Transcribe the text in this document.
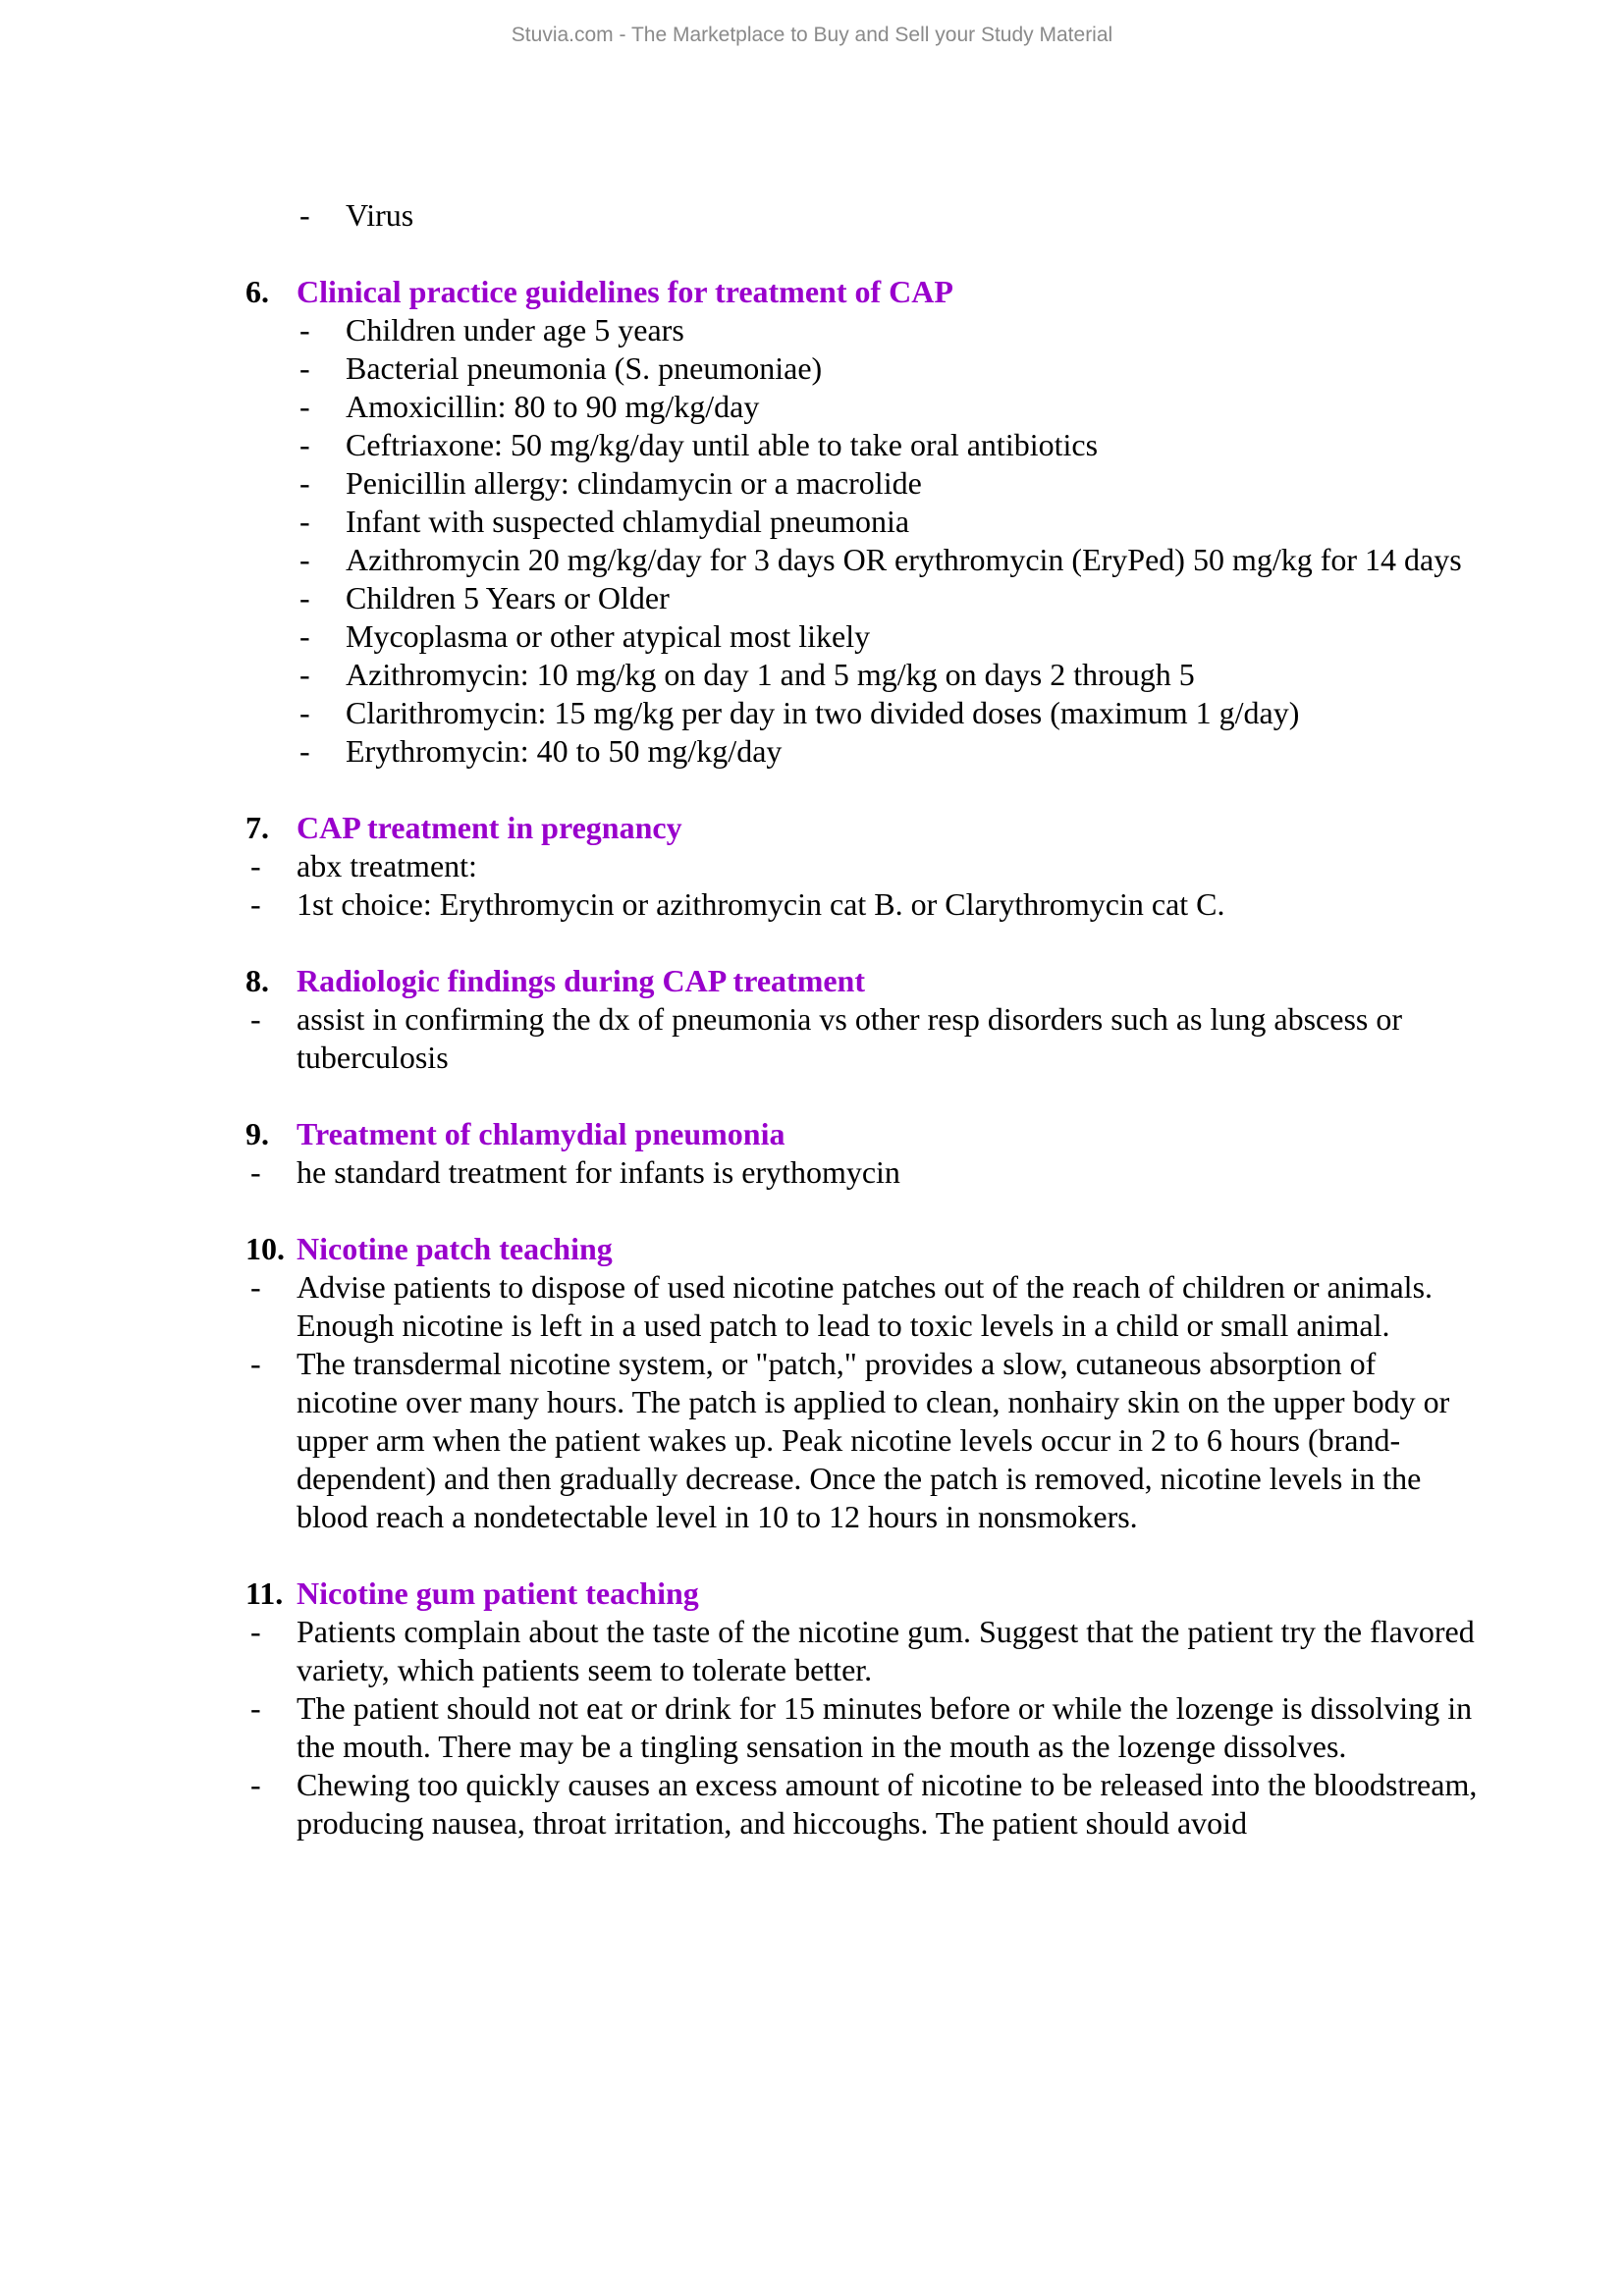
Stuvia.com - The Marketplace to Buy and Sell your Study Material
- Virus
6. Clinical practice guidelines for treatment of CAP
- Children under age 5 years
- Bacterial pneumonia (S. pneumoniae)
- Amoxicillin: 80 to 90 mg/kg/day
- Ceftriaxone: 50 mg/kg/day until able to take oral antibiotics
- Penicillin allergy: clindamycin or a macrolide
- Infant with suspected chlamydial pneumonia
- Azithromycin 20 mg/kg/day for 3 days OR erythromycin (EryPed) 50 mg/kg for 14 days
- Children 5 Years or Older
- Mycoplasma or other atypical most likely
- Azithromycin: 10 mg/kg on day 1 and 5 mg/kg on days 2 through 5
- Clarithromycin: 15 mg/kg per day in two divided doses (maximum 1 g/day)
- Erythromycin: 40 to 50 mg/kg/day
7. CAP treatment in pregnancy
- abx treatment:
- 1st choice: Erythromycin or azithromycin cat B. or Clarythromycin cat C.
8. Radiologic findings during CAP treatment
- assist in confirming the dx of pneumonia vs other resp disorders such as lung abscess or tuberculosis
9. Treatment of chlamydial pneumonia
- he standard treatment for infants is erythomycin
10. Nicotine patch teaching
- Advise patients to dispose of used nicotine patches out of the reach of children or animals. Enough nicotine is left in a used patch to lead to toxic levels in a child or small animal.
- The transdermal nicotine system, or "patch," provides a slow, cutaneous absorption of nicotine over many hours. The patch is applied to clean, nonhairy skin on the upper body or upper arm when the patient wakes up. Peak nicotine levels occur in 2 to 6 hours (brand-dependent) and then gradually decrease. Once the patch is removed, nicotine levels in the blood reach a nondetectable level in 10 to 12 hours in nonsmokers.
11. Nicotine gum patient teaching
- Patients complain about the taste of the nicotine gum. Suggest that the patient try the flavored variety, which patients seem to tolerate better.
- The patient should not eat or drink for 15 minutes before or while the lozenge is dissolving in the mouth. There may be a tingling sensation in the mouth as the lozenge dissolves.
- Chewing too quickly causes an excess amount of nicotine to be released into the bloodstream, producing nausea, throat irritation, and hiccoughs. The patient should avoid
